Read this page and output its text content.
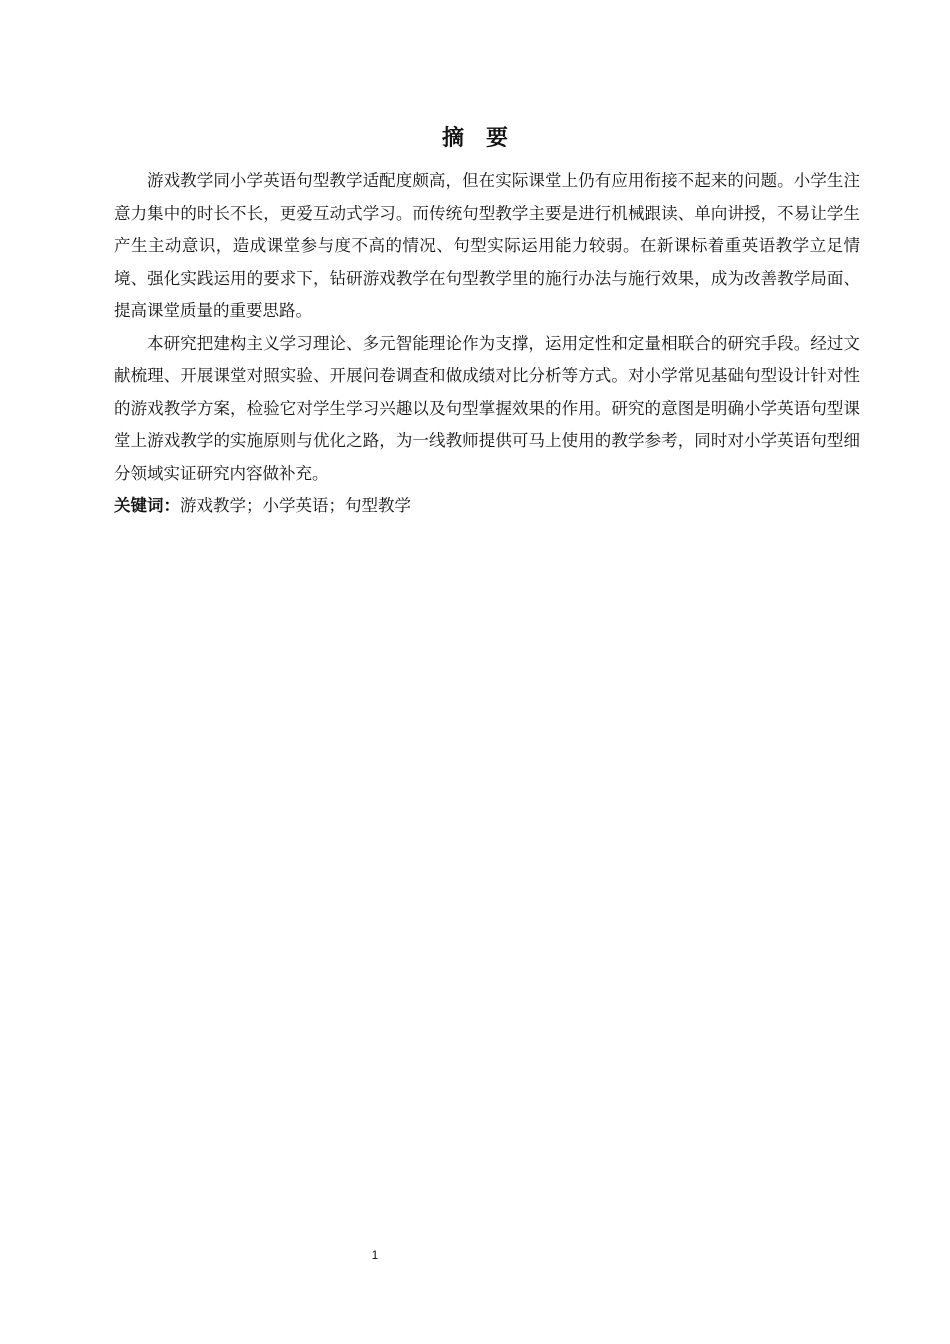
摘要

游戏教学同小学英语句型教学适配度颇高，但在实际课堂上仍有应用衔接不起来的问题。小学生注意力集中的时长不长，更爱互动式学习。而传统句型教学主要是进行机械跟读、单向讲授，不易让学生产生主动意识，造成课堂参与度不高的情况、句型实际运用能力较弱。在新课标着重英语教学立足情境、强化实践运用的要求下，钻研游戏教学在句型教学里的施行办法与施行效果，成为改善教学局面、提高课堂质量的重要思路。

本研究把建构主义学习理论、多元智能理论作为支撑，运用定性和定量相联合的研究手段。经过文献梳理、开展课堂对照实验、开展问卷调查和做成绩对比分析等方式。对小学常见基础句型设计针对性的游戏教学方案，检验它对学生学习兴趣以及句型掌握效果的作用。研究的意图是明确小学英语句型课堂上游戏教学的实施原则与优化之路，为一线教师提供可马上使用的教学参考，同时对小学英语句型细分领域实证研究内容做补充。

关键词：游戏教学；小学英语；句型教学

1
